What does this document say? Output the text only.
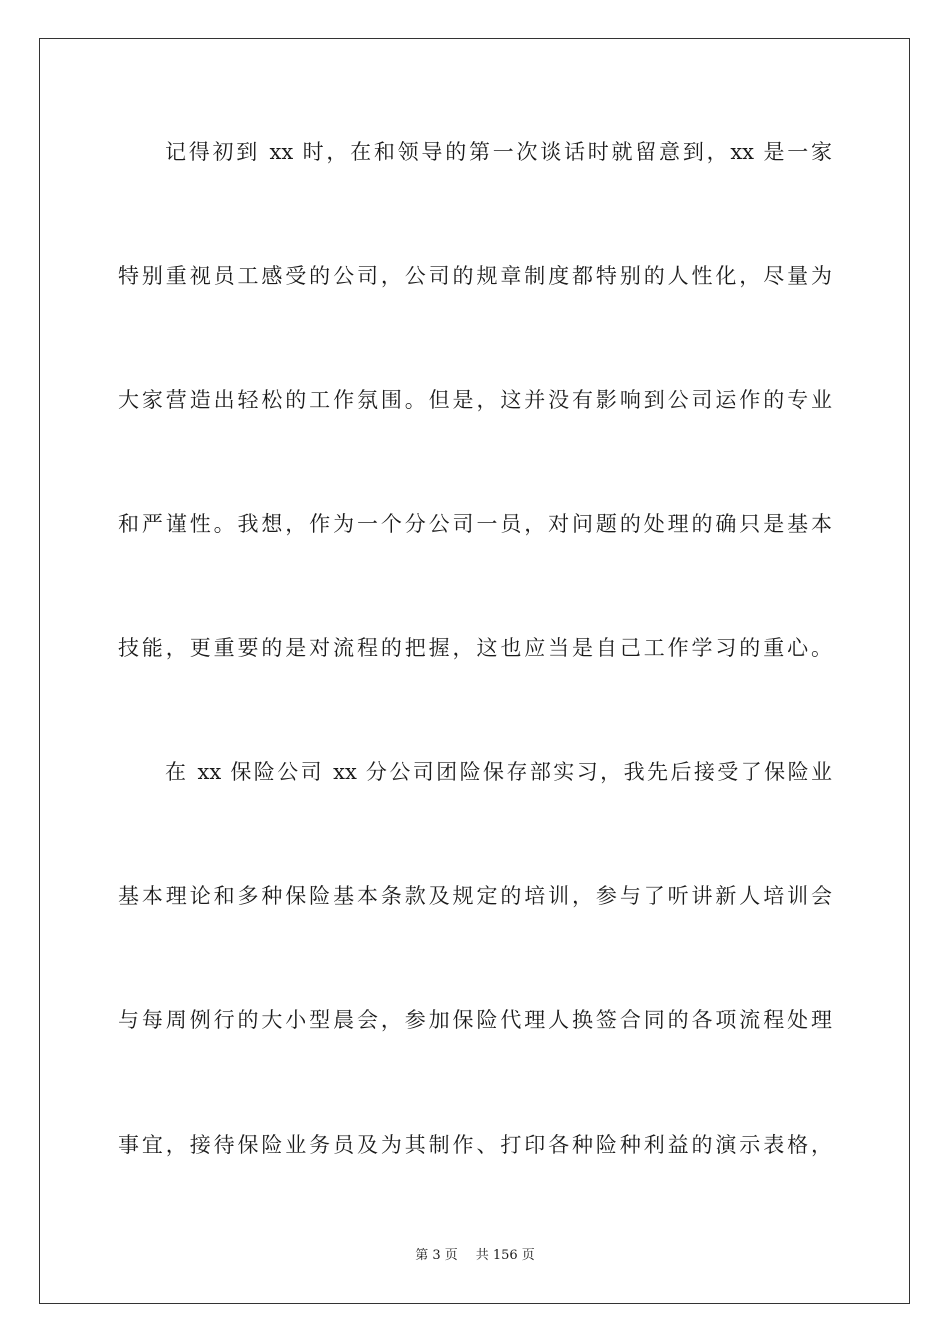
记得初到 xx 时，在和领导的第一次谈话时就留意到，xx 是一家
特别重视员工感受的公司，公司的规章制度都特别的人性化，尽量为
大家营造出轻松的工作氛围。但是，这并没有影响到公司运作的专业
和严谨性。我想，作为一个分公司一员，对问题的处理的确只是基本
技能，更重要的是对流程的把握，这也应当是自己工作学习的重心。
在 xx 保险公司 xx 分公司团险保存部实习，我先后接受了保险业
基本理论和多种保险基本条款及规定的培训，参与了听讲新人培训会
与每周例行的大小型晨会，参加保险代理人换签合同的各项流程处理
事宜，接待保险业务员及为其制作、打印各种险种利益的演示表格，
第 3 页 共 156 页
